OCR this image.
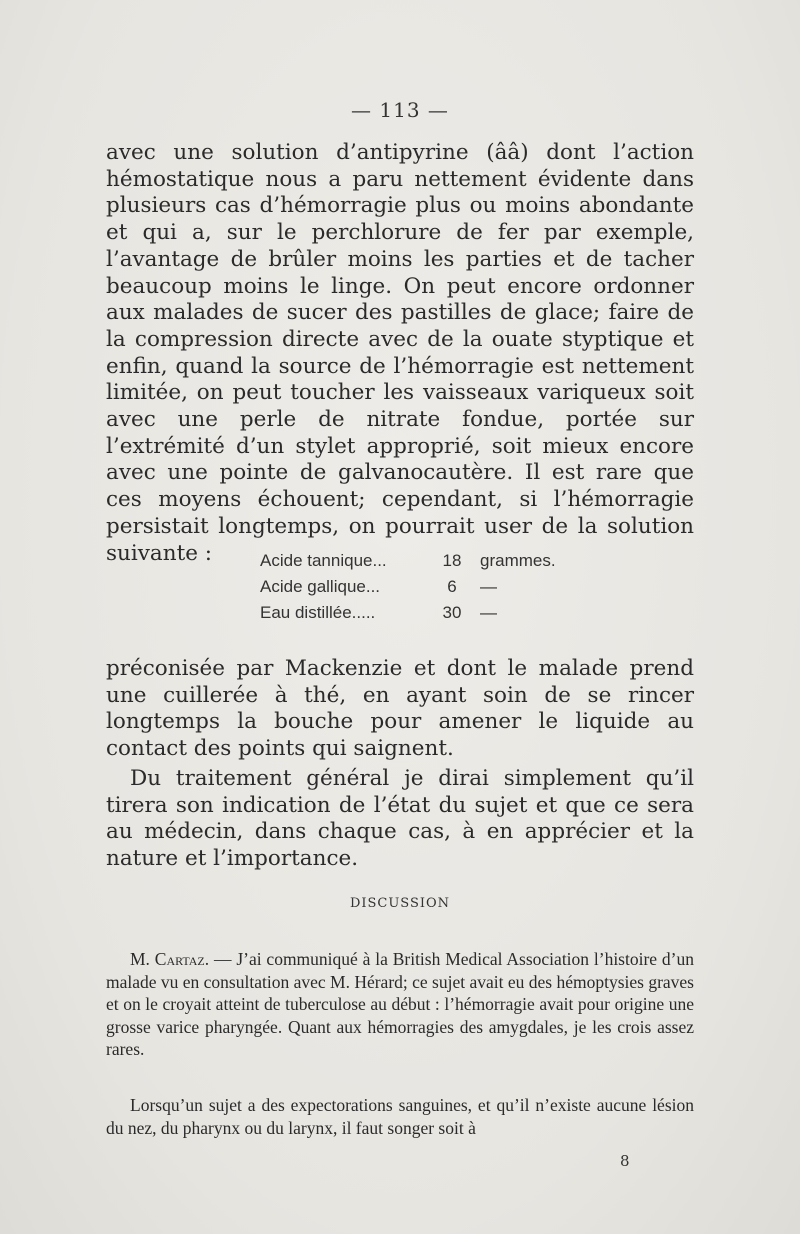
— 113 —

avec une solution d’antipyrine (ââ) dont l’action hémostatique nous a paru nettement évidente dans plusieurs cas d’hémorragie plus ou moins abondante et qui a, sur le perchlorure de fer par exemple, l’avantage de brûler moins les parties et de tacher beaucoup moins le linge. On peut encore ordonner aux malades de sucer des pastilles de glace; faire de la compression directe avec de la ouate styptique et enfin, quand la source de l’hémorragie est nettement limitée, on peut toucher les vaisseaux variqueux soit avec une perle de nitrate fondue, portée sur l’extrémité d’un stylet approprié, soit mieux encore avec une pointe de galvanocautère. Il est rare que ces moyens échouent; cependant, si l’hémorragie persistait longtemps, on pourrait user de la solution suivante :	Acide tannique...	18	grammes.
Acide gallique...	6	—
Eau distillée.....	30	—

préconisée par Mackenzie et dont le malade prend une cuillerée à thé, en ayant soin de se rincer longtemps la bouche pour amener le liquide au contact des points qui saignent.

Du traitement général je dirai simplement qu’il tirera son indication de l’état du sujet et que ce sera au médecin, dans chaque cas, à en apprécier et la nature et l’importance.

DISCUSSION

M. Cartaz. — J’ai communiqué à la British Medical Association l’histoire d’un malade vu en consultation avec M. Hérard; ce sujet avait eu des hémoptysies graves et on le croyait atteint de tuberculose au début : l’hémorragie avait pour origine une grosse varice pharyngée. Quant aux hémorragies des amygdales, je les crois assez rares.

Lorsqu’un sujet a des expectorations sanguines, et qu’il n’existe aucune lésion du nez, du pharynx ou du larynx, il faut songer soit à

8
